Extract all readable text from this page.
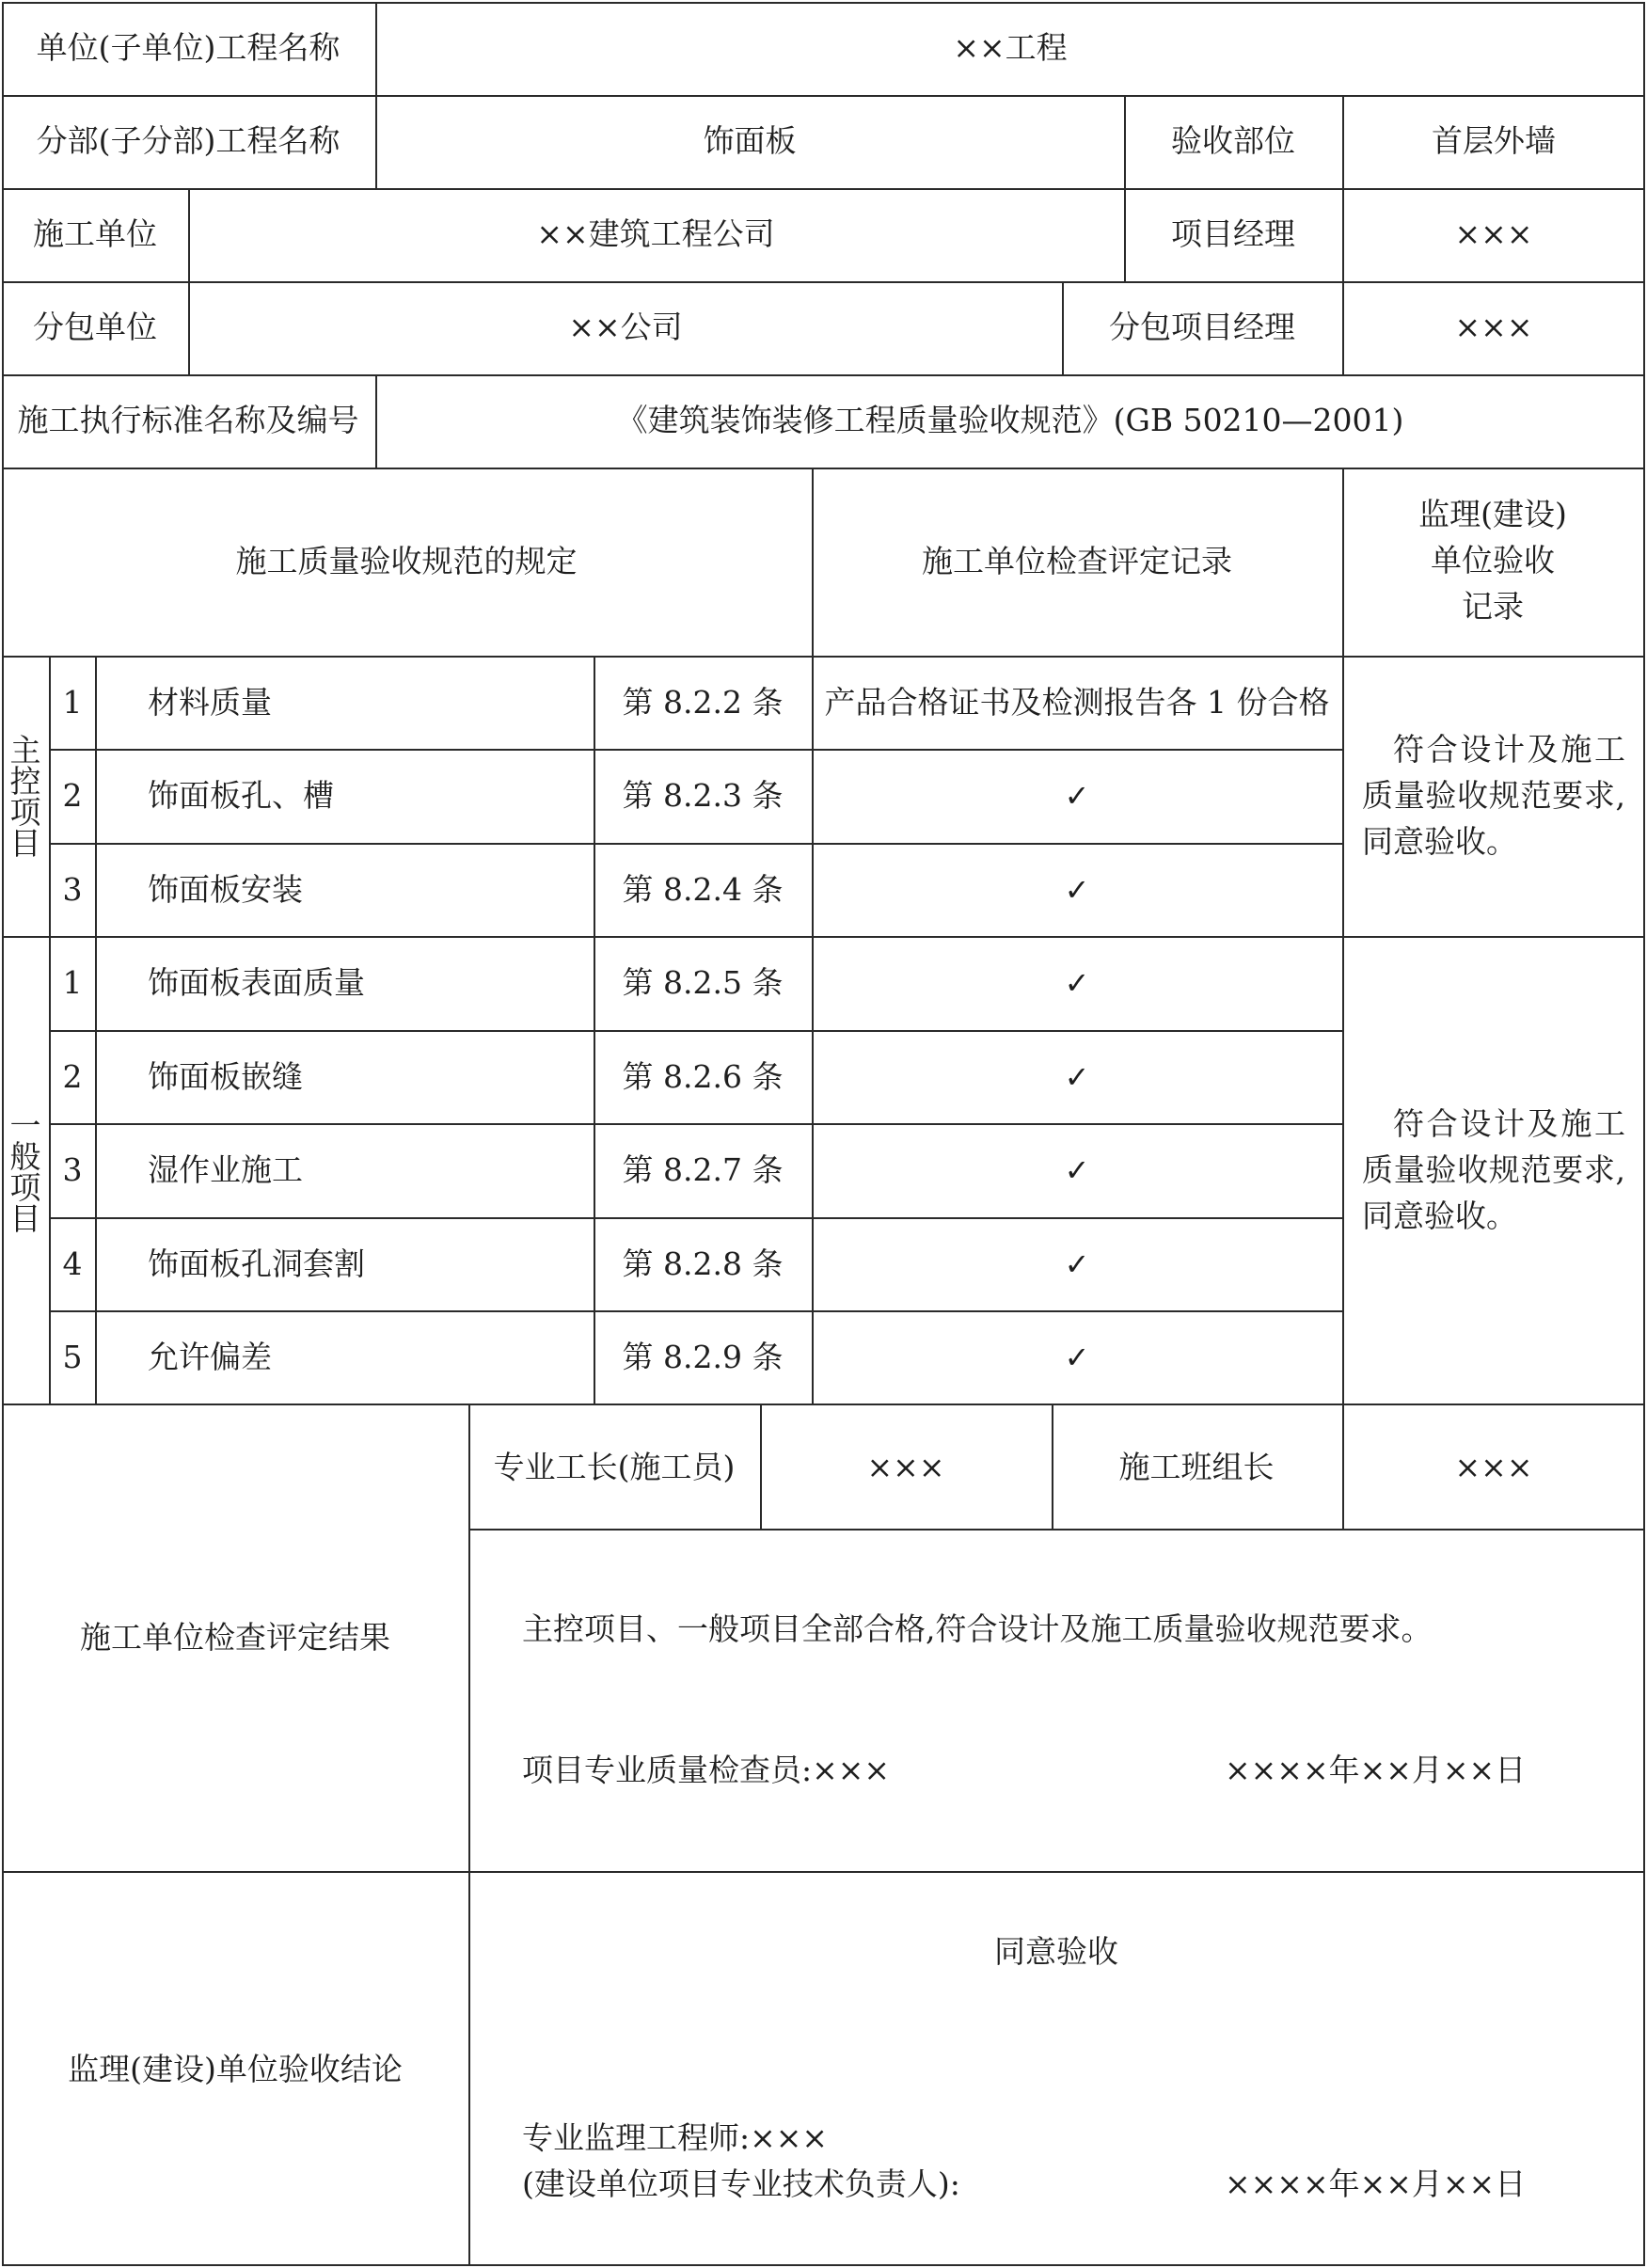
单位(子单位)工程名称	××工程
分部(子分部)工程名称	饰面板	验收部位	首层外墙
施工单位	××建筑工程公司	项目经理	×××
分包单位	××公司	分包项目经理	×××
施工执行标准名称及编号	《建筑装饰装修工程质量验收规范》(GB 50210—2001)
施工质量验收规范的规定	施工单位检查评定记录
监理(建设)单位验收记录
主控项目
1 材料质量	第 8.2.2 条 产品合格证书及检测报告各 1 份合格
2 饰面板孔、槽	第 8.2.3 条	✓
3 饰面板安装	第 8.2.4 条	✓
符合设计及施工质量验收规范要求,同意验收。
一般项目
1 饰面板表面质量	第 8.2.5 条	✓
2 饰面板嵌缝	第 8.2.6 条	✓
3 湿作业施工	第 8.2.7 条	✓
4 饰面板孔洞套割	第 8.2.8 条	✓
5 允许偏差	第 8.2.9 条	✓
符合设计及施工质量验收规范要求,同意验收。
施工单位检查评定结果
专业工长(施工员)	×××	施工班组长	×××
主控项目、一般项目全部合格,符合设计及施工质量验收规范要求。
项目专业质量检查员:×××	××××年××月××日
监理(建设)单位验收结论
同意验收
专业监理工程师:×××
(建设单位项目专业技术负责人):	××××年××月××日
